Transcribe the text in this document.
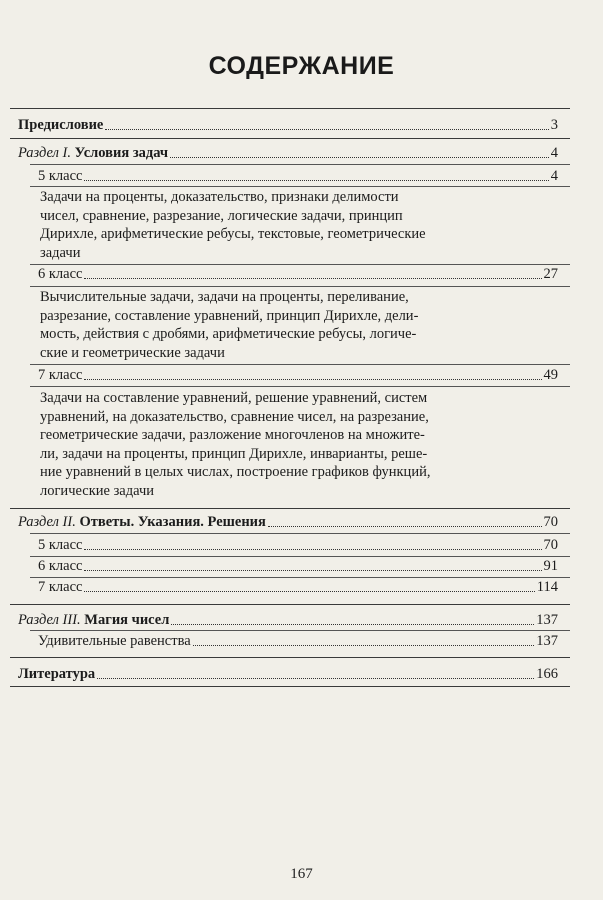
СОДЕРЖАНИЕ
Предисловие	3
Раздел I. Условия задач	4
5 класс	4
Задачи на проценты, доказательство, признаки делимости
чисел, сравнение, разрезание, логические задачи, принцип
Дирихле, арифметические ребусы, текстовые, геометрические
задачи
6 класс	27
Вычислительные задачи, задачи на проценты, переливание,
разрезание, составление уравнений, принцип Дирихле, дели-
мость, действия с дробями, арифметические ребусы, логиче-
ские и геометрические задачи
7 класс	49
Задачи на составление уравнений, решение уравнений, систем
уравнений, на доказательство, сравнение чисел, на разрезание,
геометрические задачи, разложение многочленов на множите-
ли, задачи на проценты, принцип Дирихле, инварианты, реше-
ние уравнений в целых числах, построение графиков функций,
логические задачи
Раздел II. Ответы. Указания. Решения	70
5 класс	70
6 класс	91
7 класс	114
Раздел III. Магия чисел	137
Удивительные равенства	137
Литература	166
167
